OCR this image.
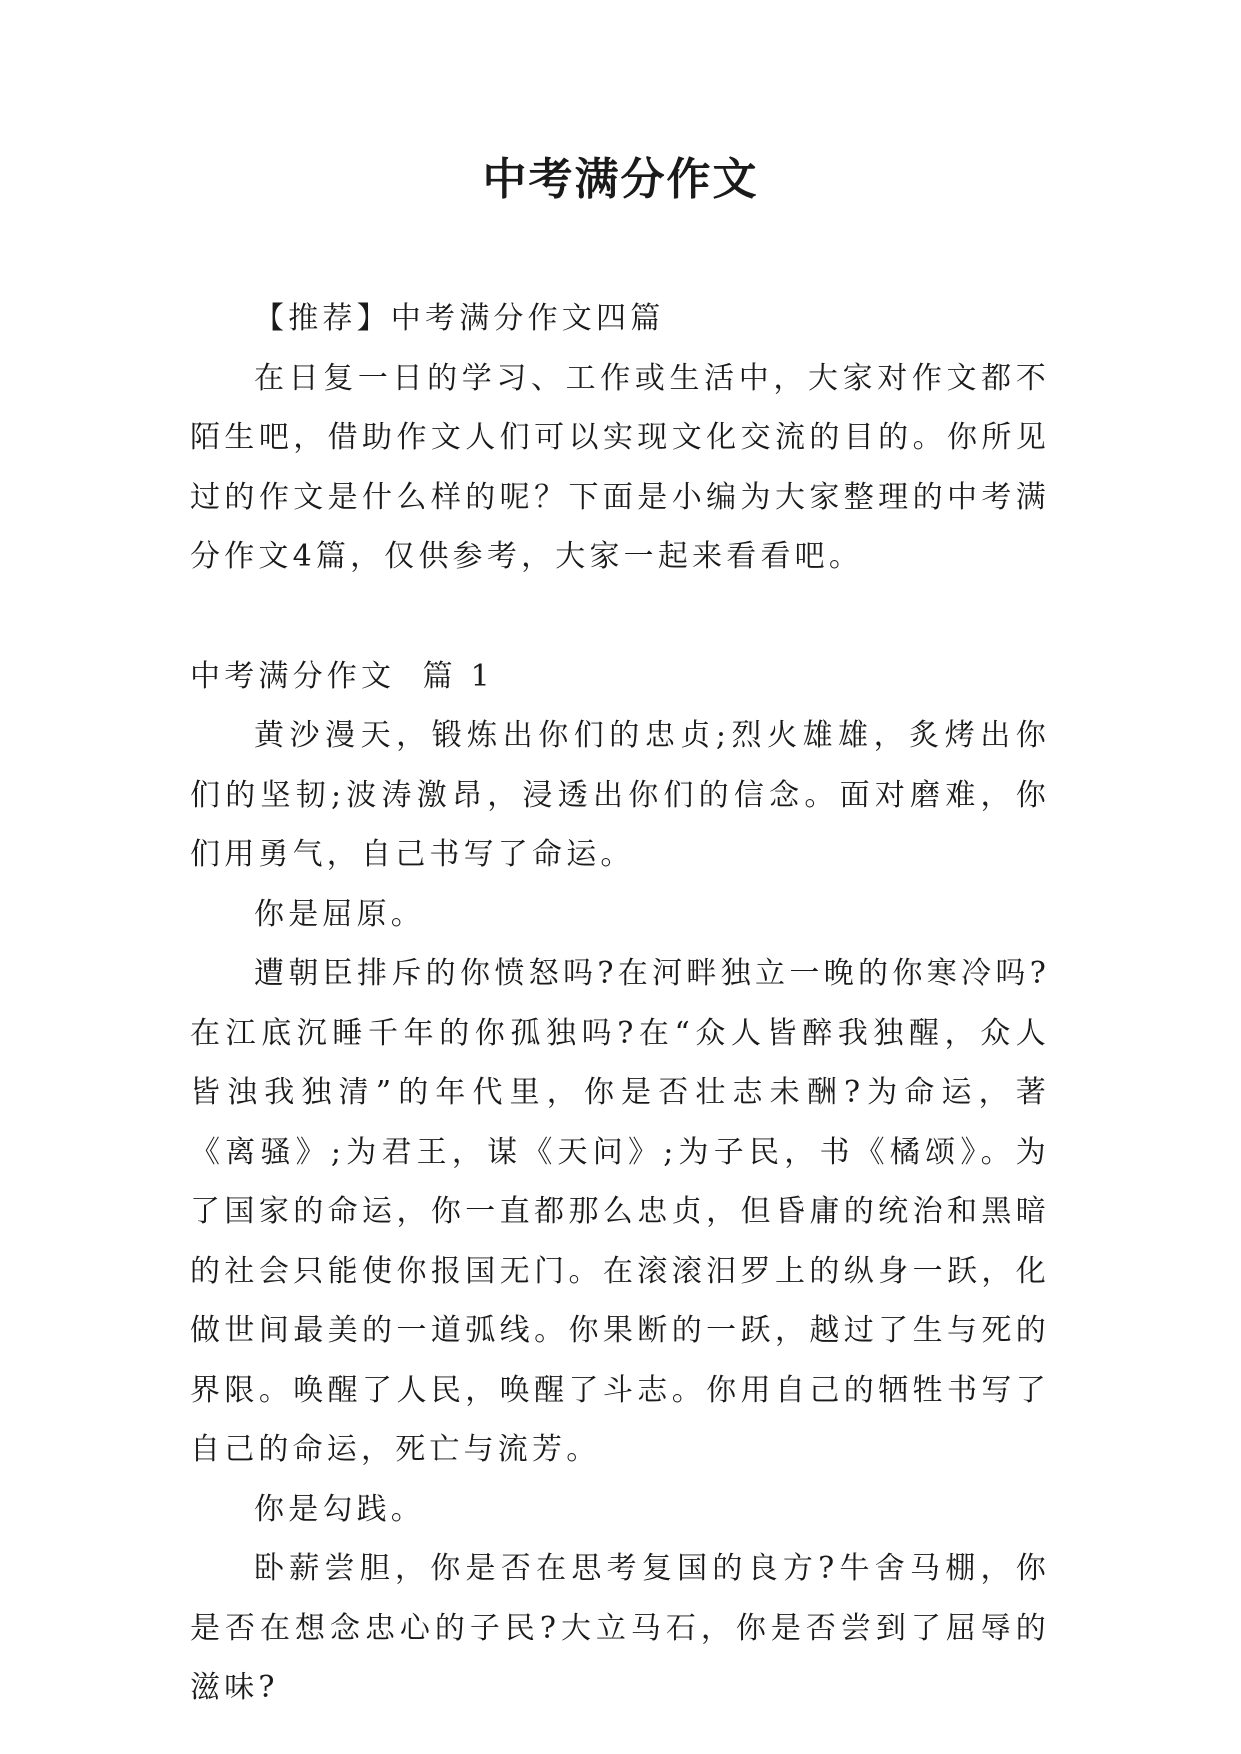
中考满分作文

【推荐】中考满分作文四篇

在日复一日的学习、工作或生活中，大家对作文都不陌生吧，借助作文人们可以实现文化交流的目的。你所见过的作文是什么样的呢？下面是小编为大家整理的中考满分作文4篇，仅供参考，大家一起来看看吧。

中考满分作文  篇 1

黄沙漫天，锻炼出你们的忠贞;烈火雄雄，炙烤出你们的坚韧;波涛激昂，浸透出你们的信念。面对磨难，你们用勇气，自己书写了命运。

你是屈原。

遭朝臣排斥的你愤怒吗?在河畔独立一晚的你寒冷吗?在江底沉睡千年的你孤独吗?在“众人皆醉我独醒，众人皆浊我独清”的年代里，你是否壮志未酬?为命运，著《离骚》;为君王，谋《天问》;为子民，书《橘颂》。为了国家的命运，你一直都那么忠贞，但昏庸的统治和黑暗的社会只能使你报国无门。在滚滚汨罗上的纵身一跃，化做世间最美的一道弧线。你果断的一跃，越过了生与死的界限。唤醒了人民，唤醒了斗志。你用自己的牺牲书写了自己的命运，死亡与流芳。

你是勾践。

卧薪尝胆，你是否在思考复国的良方?牛舍马棚，你是否在想念忠心的子民?大立马石，你是否尝到了屈辱的滋味?
